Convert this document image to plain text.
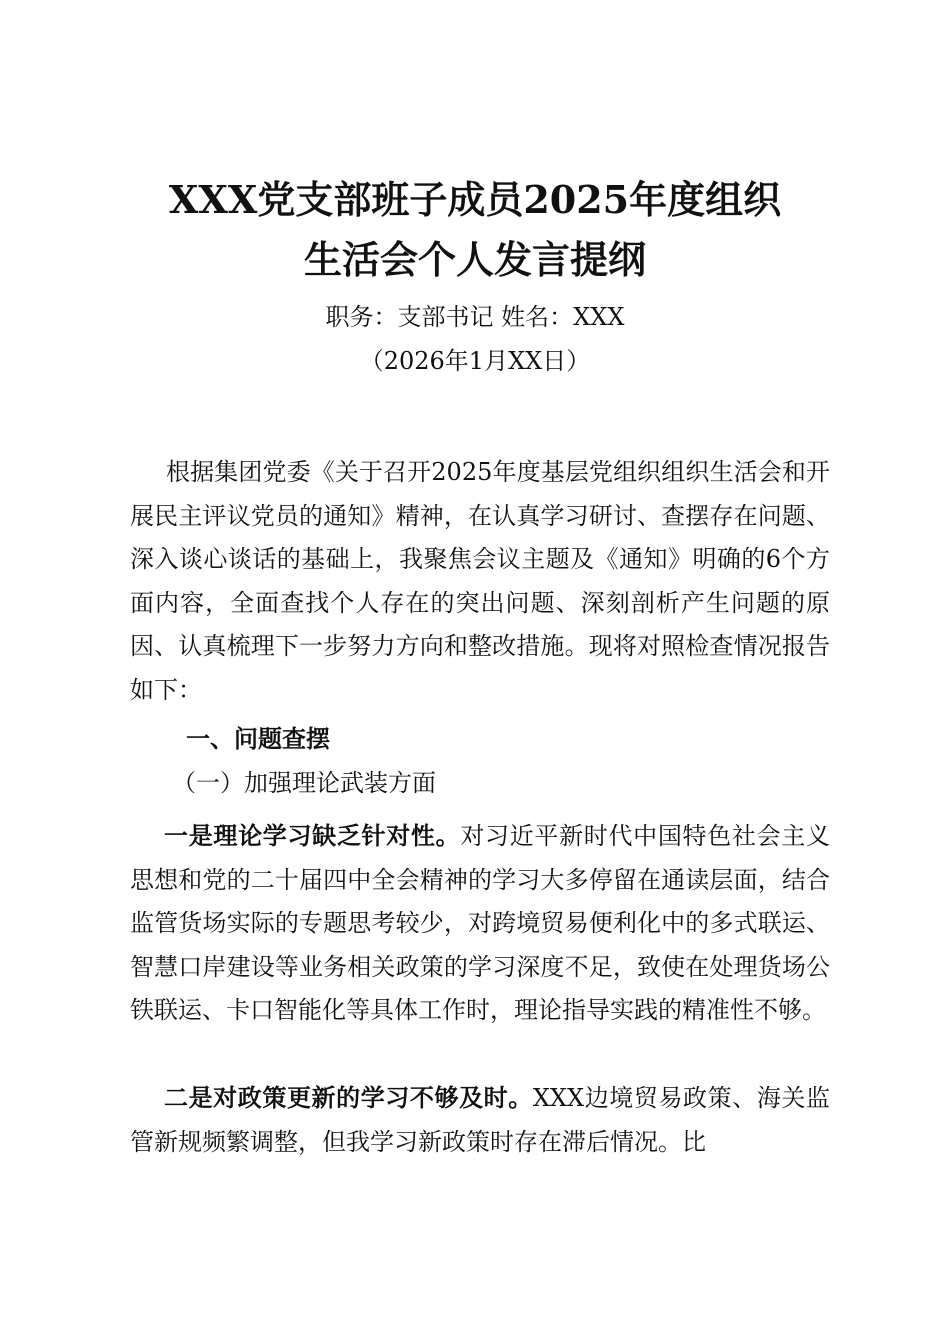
XXX党支部班子成员2025年度组织
生活会个人发言提纲
职务：支部书记 姓名：XXX
（2026年1月XX日）

根据集团党委《关于召开2025年度基层党组织组织生活会和开展民主评议党员的通知》精神，在认真学习研讨、查摆存在问题、深入谈心谈话的基础上，我聚焦会议主题及《通知》明确的6个方面内容，全面查找个人存在的突出问题、深刻剖析产生问题的原因、认真梳理下一步努力方向和整改措施。现将对照检查情况报告如下：

一、问题查摆
（一）加强理论武装方面

一是理论学习缺乏针对性。对习近平新时代中国特色社会主义思想和党的二十届四中全会精神的学习大多停留在通读层面，结合监管货场实际的专题思考较少，对跨境贸易便利化中的多式联运、智慧口岸建设等业务相关政策的学习深度不足，致使在处理货场公铁联运、卡口智能化等具体工作时，理论指导实践的精准性不够。

二是对政策更新的学习不够及时。XXX边境贸易政策、海关监管新规频繁调整，但我学习新政策时存在滞后情况。比
